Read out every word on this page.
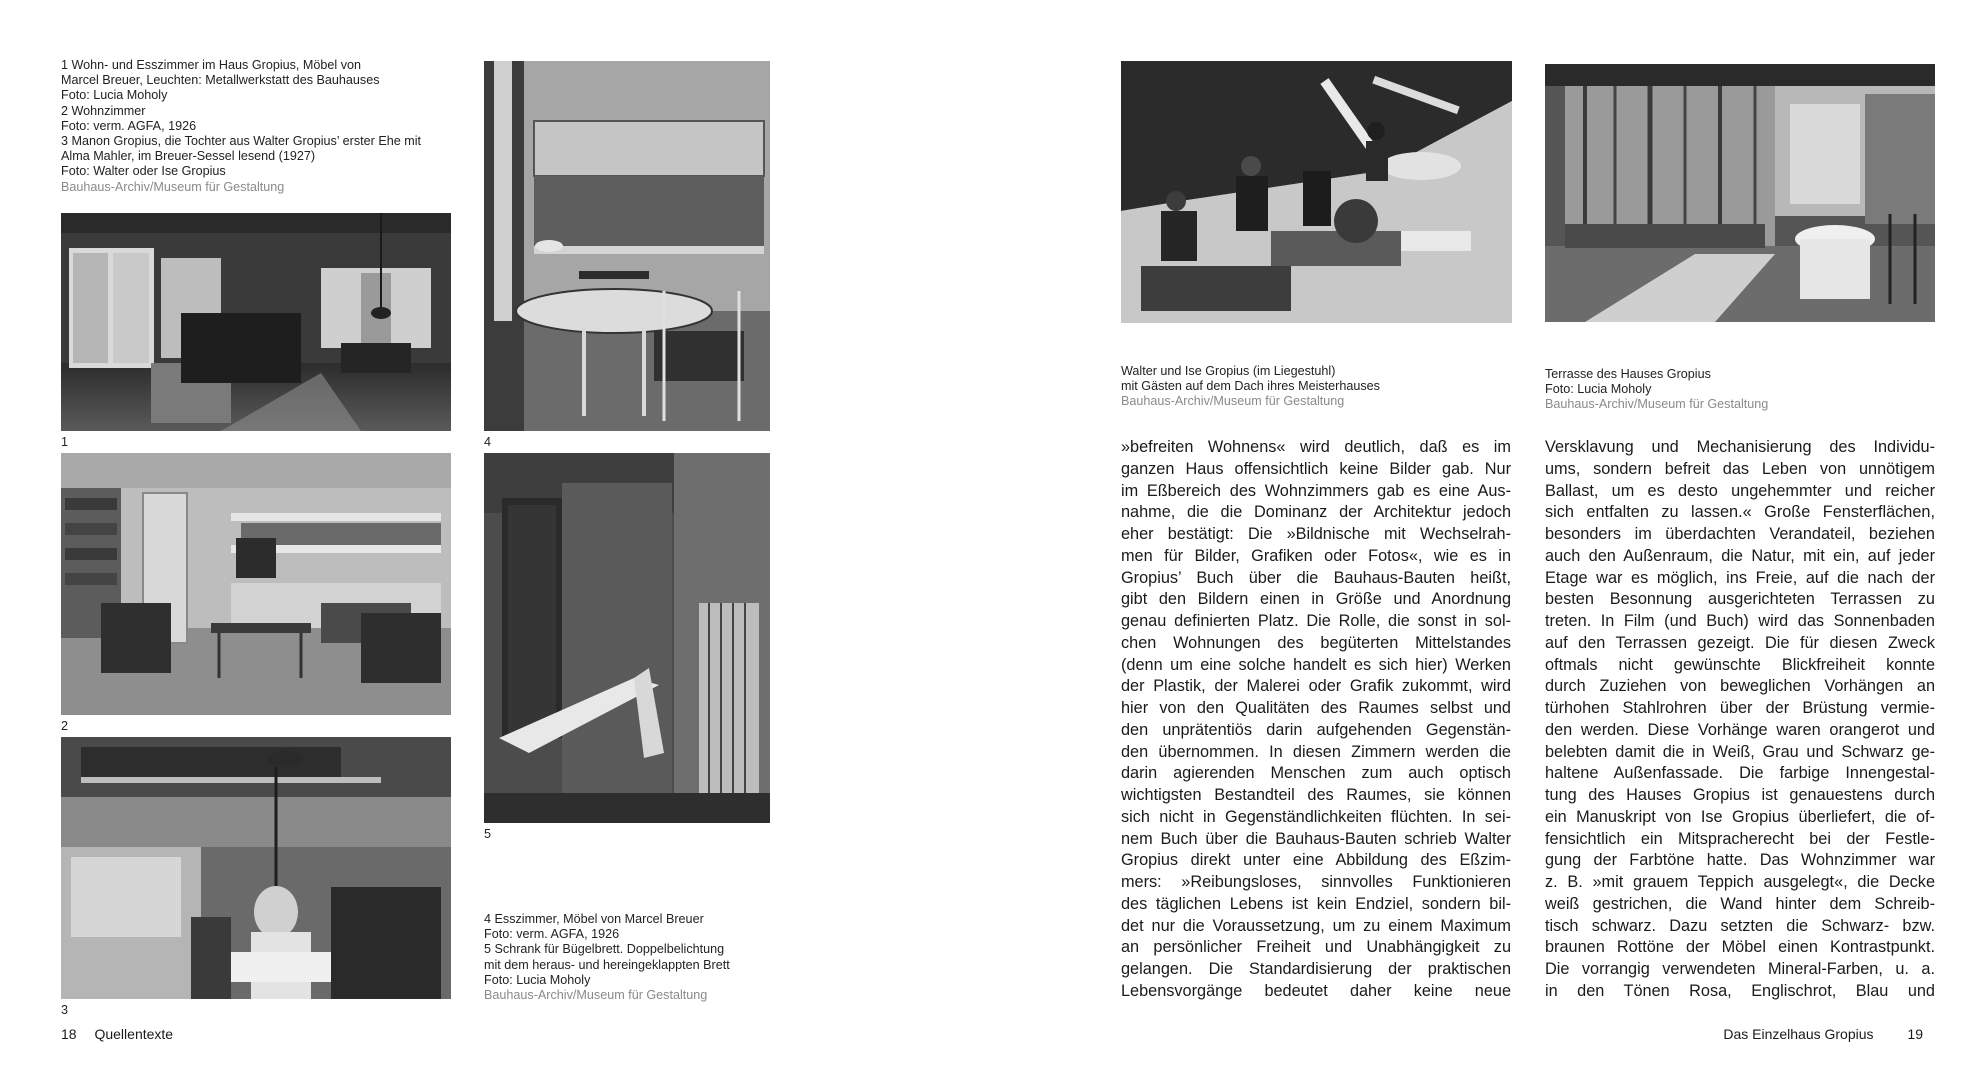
1 Wohn- und Esszimmer im Haus Gropius, Möbel von
Marcel Breuer, Leuchten: Metallwerkstatt des Bauhauses
Foto: Lucia Moholy
2 Wohnzimmer
Foto: verm. AGFA, 1926
3 Manon Gropius, die Tochter aus Walter Gropius’ erster Ehe mit
Alma Mahler, im Breuer-Sessel lesend (1927)
Foto: Walter oder Ise Gropius
Bauhaus-Archiv/Museum für Gestaltung
1
2
3
4
5
4 Esszimmer, Möbel von Marcel Breuer
Foto: verm. AGFA, 1926
5 Schrank für Bügelbrett. Doppelbelichtung
mit dem heraus- und hereingeklappten Brett
Foto: Lucia Moholy
Bauhaus-Archiv/Museum für Gestaltung
18 Quellentexte
Walter und Ise Gropius (im Liegestuhl)
mit Gästen auf dem Dach ihres Meisterhauses
Bauhaus-Archiv/Museum für Gestaltung
Terrasse des Hauses Gropius
Foto: Lucia Moholy
Bauhaus-Archiv/Museum für Gestaltung
»befreiten Wohnens« wird deutlich, daß es im
ganzen Haus offensichtlich keine Bilder gab. Nur
im Eßbereich des Wohnzimmers gab es eine Aus-
nahme, die die Dominanz der Architektur jedoch
eher bestätigt: Die »Bildnische mit Wechselrah-
men für Bilder, Grafiken oder Fotos«, wie es in
Gropius’ Buch über die Bauhaus-Bauten heißt,
gibt den Bildern einen in Größe und Anordnung
genau definierten Platz. Die Rolle, die sonst in sol-
chen Wohnungen des begüterten Mittelstandes
(denn um eine solche handelt es sich hier) Werken
der Plastik, der Malerei oder Grafik zukommt, wird
hier von den Qualitäten des Raumes selbst und
den unprätentiös darin aufgehenden Gegenstän-
den übernommen. In diesen Zimmern werden die
darin agierenden Menschen zum auch optisch
wichtigsten Bestandteil des Raumes, sie können
sich nicht in Gegenständlichkeiten flüchten. In sei-
nem Buch über die Bauhaus-Bauten schrieb Walter
Gropius direkt unter eine Abbildung des Eßzim-
mers: »Reibungsloses, sinnvolles Funktionieren
des täglichen Lebens ist kein Endziel, sondern bil-
det nur die Voraussetzung, um zu einem Maximum
an persönlicher Freiheit und Unabhängigkeit zu
gelangen. Die Standardisierung der praktischen
Lebensvorgänge bedeutet daher keine neue
Versklavung und Mechanisierung des Individu-
ums, sondern befreit das Leben von unnötigem
Ballast, um es desto ungehemmter und reicher
sich entfalten zu lassen.« Große Fensterflächen,
besonders im überdachten Verandateil, beziehen
auch den Außenraum, die Natur, mit ein, auf jeder
Etage war es möglich, ins Freie, auf die nach der
besten Besonnung ausgerichteten Terrassen zu
treten. In Film (und Buch) wird das Sonnenbaden
auf den Terrassen gezeigt. Die für diesen Zweck
oftmals nicht gewünschte Blickfreiheit konnte
durch Zuziehen von beweglichen Vorhängen an
türhohen Stahlrohren über der Brüstung vermie-
den werden. Diese Vorhänge waren orangerot und
belebten damit die in Weiß, Grau und Schwarz ge-
haltene Außenfassade. Die farbige Innengestal-
tung des Hauses Gropius ist genauestens durch
ein Manuskript von Ise Gropius überliefert, die of-
fensichtlich ein Mitspracherecht bei der Festle-
gung der Farbtöne hatte. Das Wohnzimmer war
z. B. »mit grauem Teppich ausgelegt«, die Decke
weiß gestrichen, die Wand hinter dem Schreib-
tisch schwarz. Dazu setzten die Schwarz- bzw.
braunen Rottöne der Möbel einen Kontrastpunkt.
Die vorrangig verwendeten Mineral-Farben, u. a.
in den Tönen Rosa, Englischrot, Blau und
Das Einzelhaus Gropius 19
